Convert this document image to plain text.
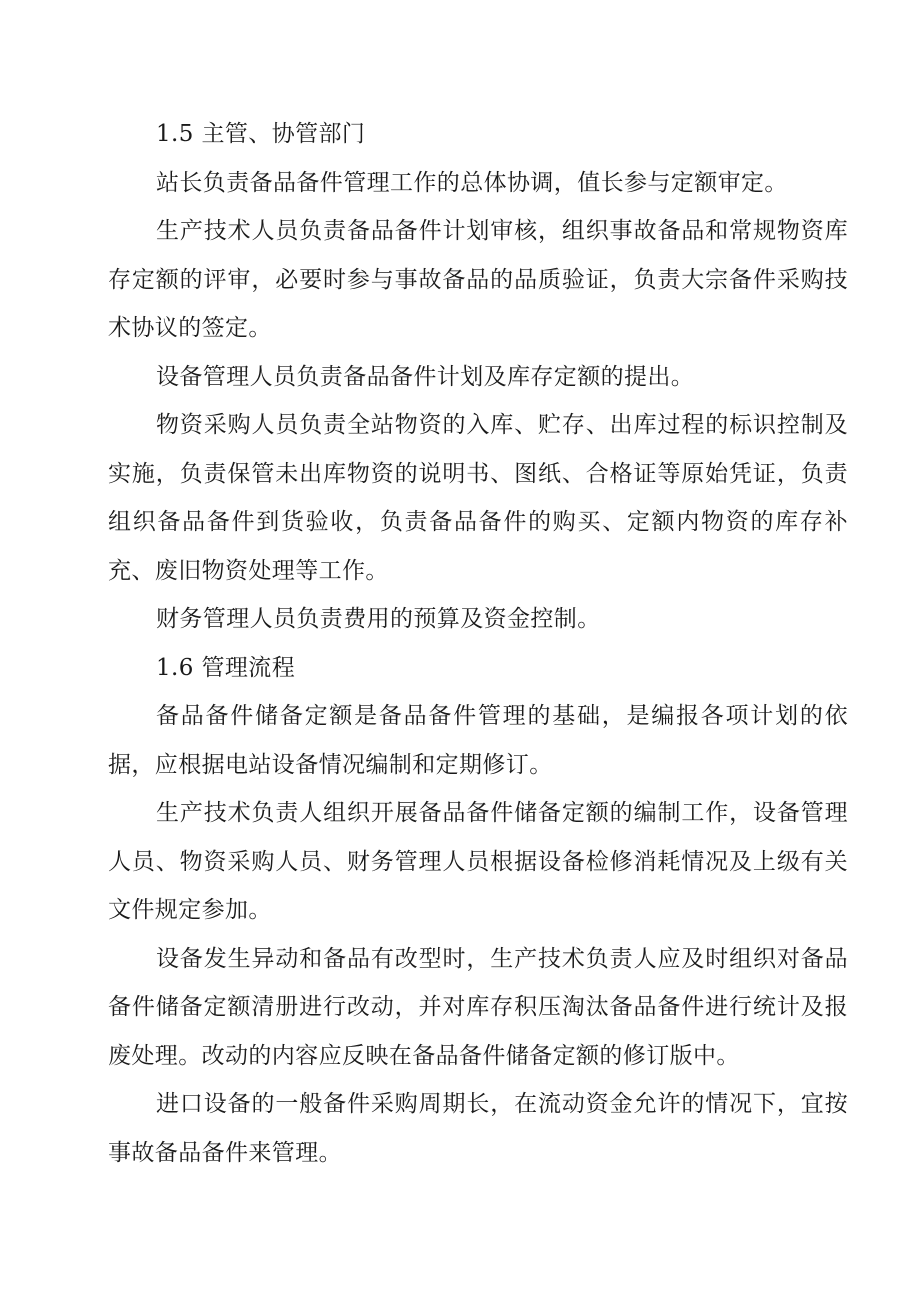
1.5 主管、协管部门

站长负责备品备件管理工作的总体协调，值长参与定额审定。

生产技术人员负责备品备件计划审核，组织事故备品和常规物资库存定额的评审，必要时参与事故备品的品质验证，负责大宗备件采购技术协议的签定。

设备管理人员负责备品备件计划及库存定额的提出。

物资采购人员负责全站物资的入库、贮存、出库过程的标识控制及实施，负责保管未出库物资的说明书、图纸、合格证等原始凭证，负责组织备品备件到货验收，负责备品备件的购买、定额内物资的库存补充、废旧物资处理等工作。

财务管理人员负责费用的预算及资金控制。

1.6 管理流程

备品备件储备定额是备品备件管理的基础，是编报各项计划的依据，应根据电站设备情况编制和定期修订。

生产技术负责人组织开展备品备件储备定额的编制工作，设备管理人员、物资采购人员、财务管理人员根据设备检修消耗情况及上级有关文件规定参加。

设备发生异动和备品有改型时，生产技术负责人应及时组织对备品备件储备定额清册进行改动，并对库存积压淘汰备品备件进行统计及报废处理。改动的内容应反映在备品备件储备定额的修订版中。

进口设备的一般备件采购周期长，在流动资金允许的情况下，宜按事故备品备件来管理。
